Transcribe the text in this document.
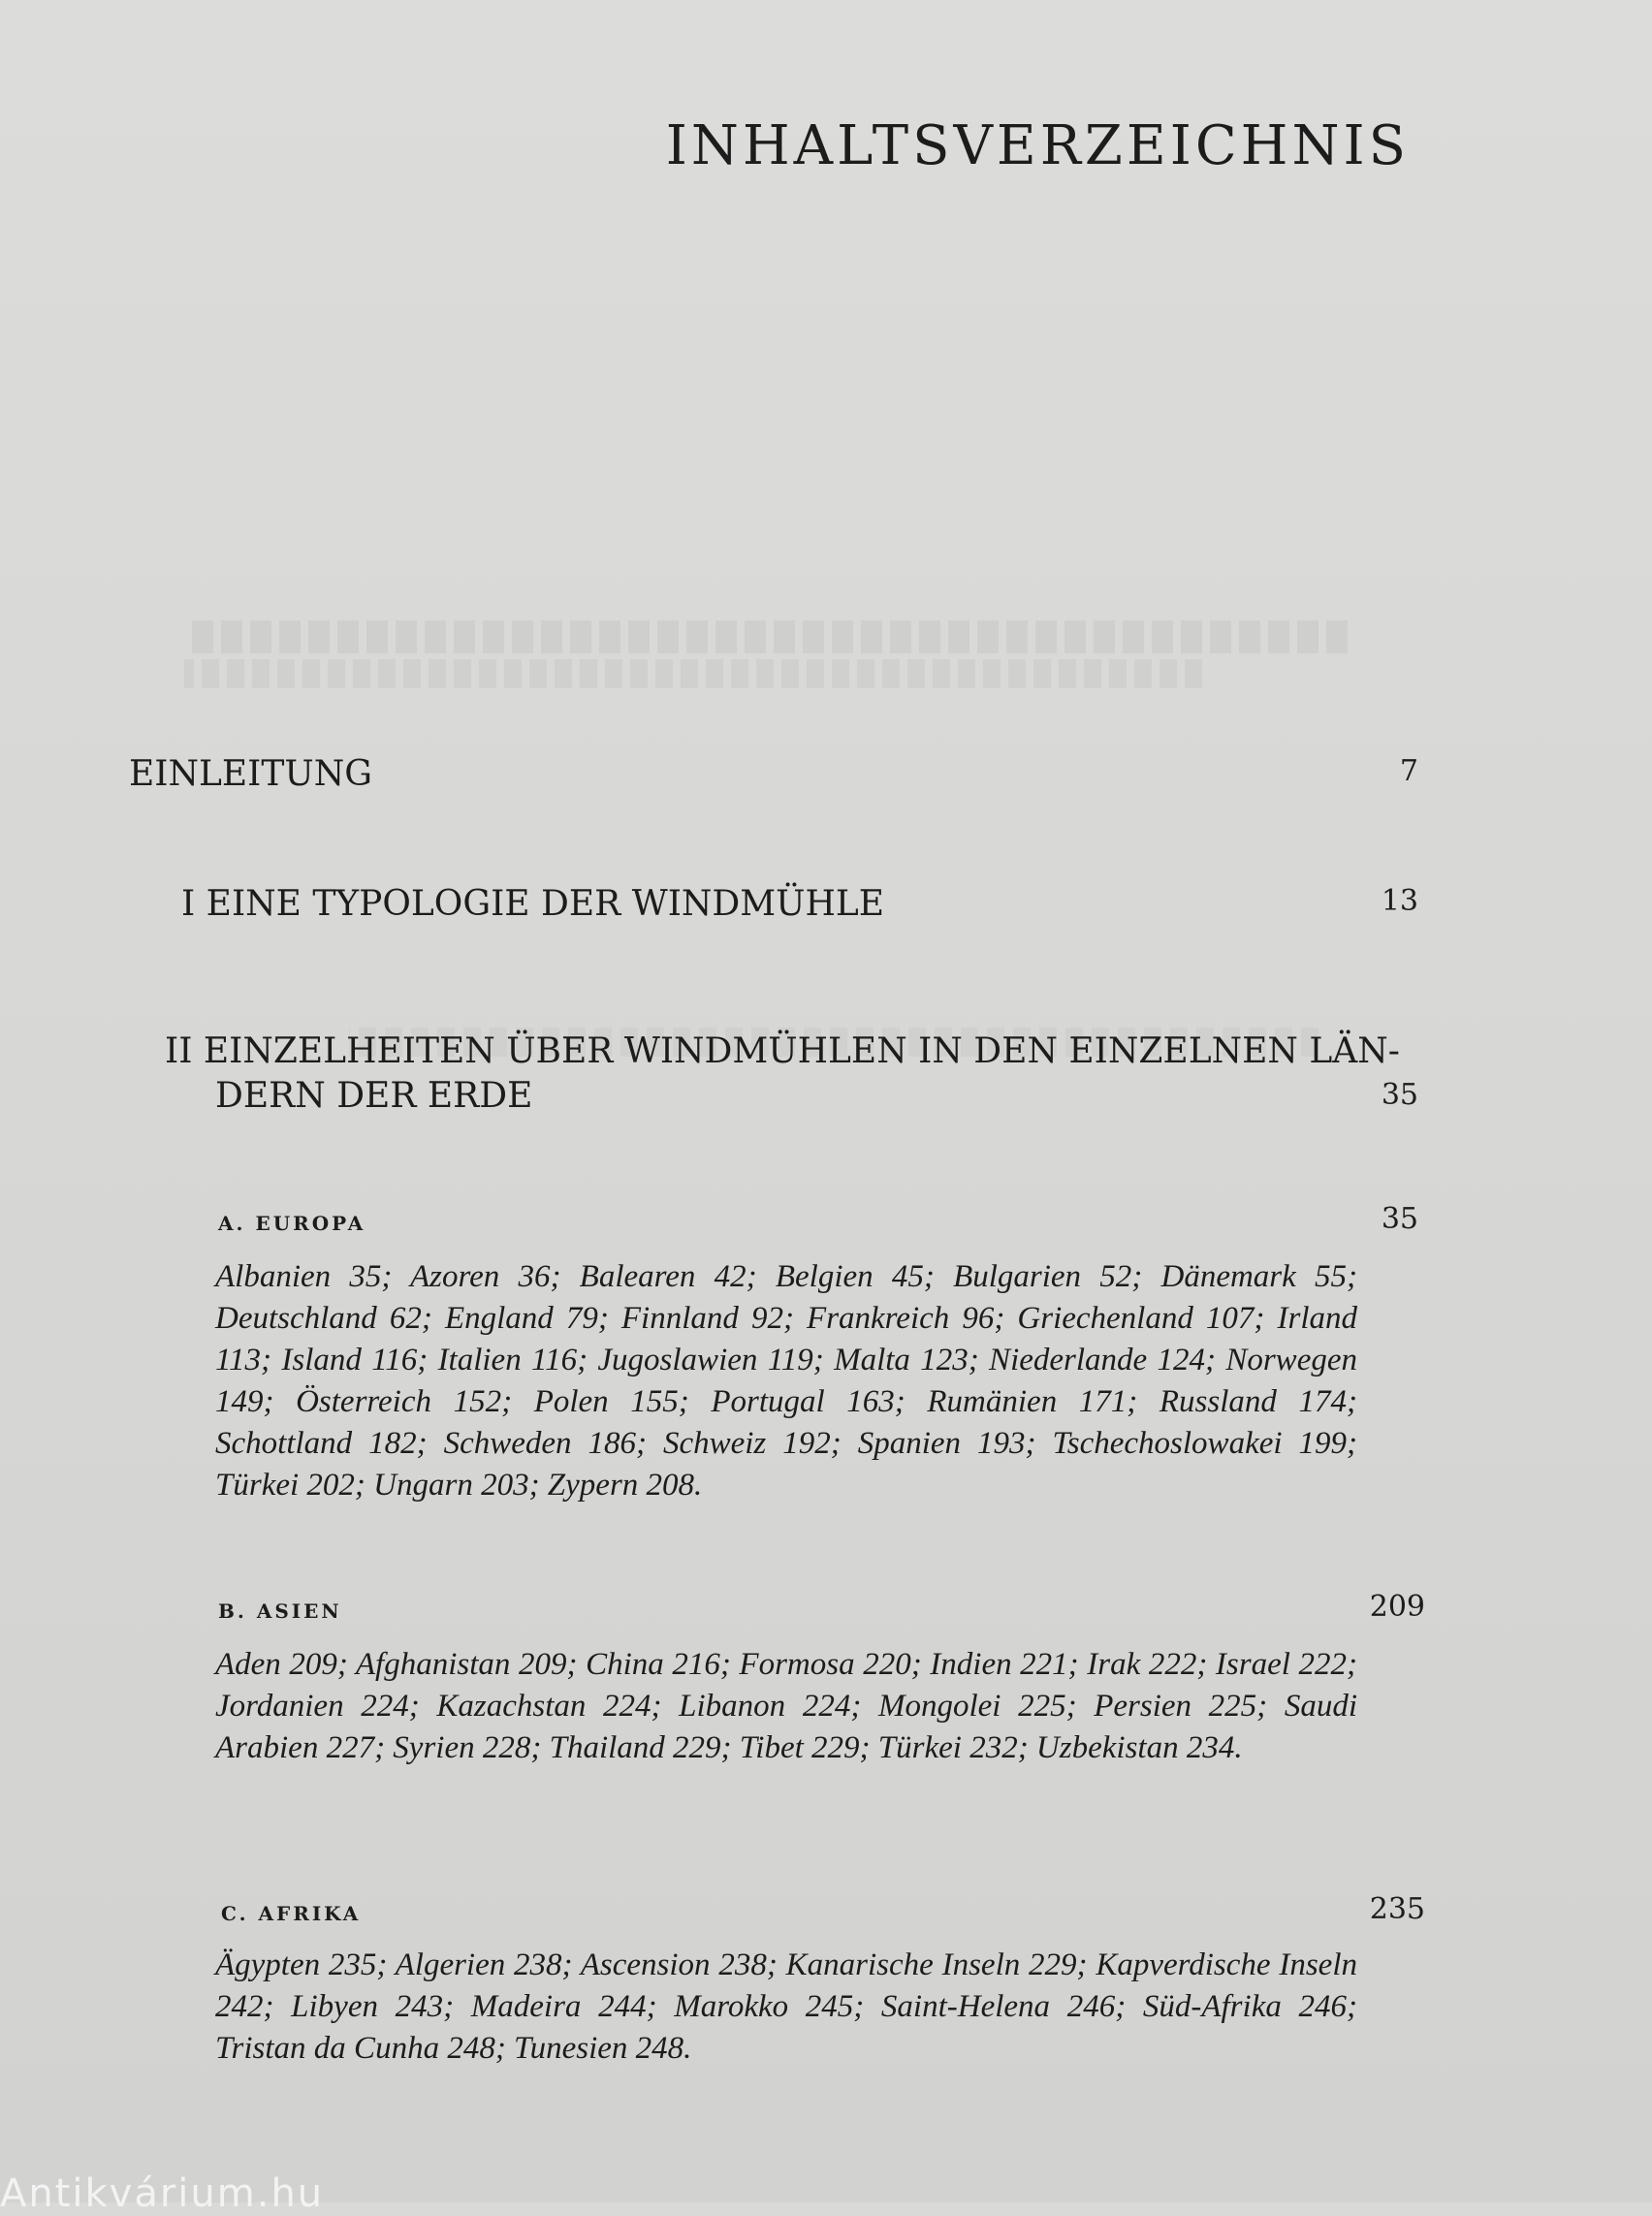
INHALTSVERZEICHNIS
EINLEITUNG	7
I EINE TYPOLOGIE DER WINDMÜHLE	13
II EINZELHEITEN ÜBER WINDMÜHLEN IN DEN EINZELNEN LÄN-
DERN DER ERDE	35
A. EUROPA	35
Albanien 35; Azoren 36; Balearen 42; Belgien 45; Bulgarien 52; Dänemark 55; Deutschland 62; England 79; Finnland 92; Frankreich 96; Griechenland 107; Irland 113; Island 116; Italien 116; Jugoslawien 119; Malta 123; Niederlande 124; Norwegen 149; Österreich 152; Polen 155; Portugal 163; Rumänien 171; Russland 174; Schottland 182; Schweden 186; Schweiz 192; Spanien 193; Tschechoslowakei 199; Türkei 202; Ungarn 203; Zypern 208.
B. ASIEN	209
Aden 209; Afghanistan 209; China 216; Formosa 220; Indien 221; Irak 222; Israel 222; Jordanien 224; Kazachstan 224; Libanon 224; Mongolei 225; Persien 225; Saudi Arabien 227; Syrien 228; Thailand 229; Tibet 229; Türkei 232; Uzbekistan 234.
C. AFRIKA	235
Ägypten 235; Algerien 238; Ascension 238; Kanarische Inseln 229; Kapverdische Inseln 242; Libyen 243; Madeira 244; Marokko 245; Saint-Helena 246; Süd-Afrika 246; Tristan da Cunha 248; Tunesien 248.
Antikvárium.hu
